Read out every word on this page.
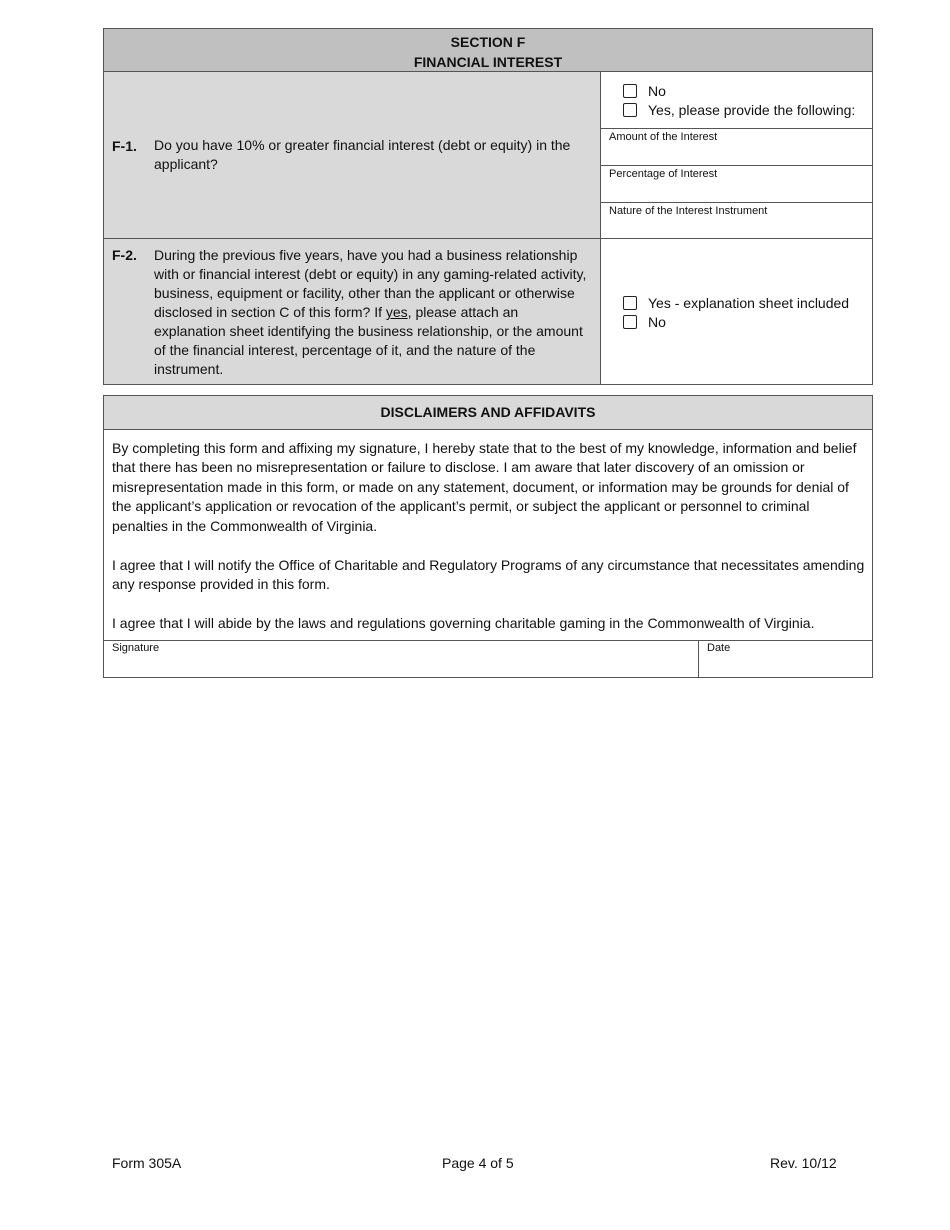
SECTION F
FINANCIAL INTEREST
F-1. Do you have 10% or greater financial interest (debt or equity) in the applicant?
No
Yes, please provide the following:
Amount of the Interest
Percentage of Interest
Nature of the Interest Instrument
F-2. During the previous five years, have you had a business relationship with or financial interest (debt or equity) in any gaming-related activity, business, equipment or facility, other than the applicant or otherwise disclosed in section C of this form? If yes, please attach an explanation sheet identifying the business relationship, or the amount of the financial interest, percentage of it, and the nature of the instrument.
Yes - explanation sheet included
No
DISCLAIMERS AND AFFIDAVITS
By completing this form and affixing my signature, I hereby state that to the best of my knowledge, information and belief that there has been no misrepresentation or failure to disclose. I am aware that later discovery of an omission or misrepresentation made in this form, or made on any statement, document, or information may be grounds for denial of the applicant’s application or revocation of the applicant’s permit, or subject the applicant or personnel to criminal penalties in the Commonwealth of Virginia.
I agree that I will notify the Office of Charitable and Regulatory Programs of any circumstance that necessitates amending any response provided in this form.
I agree that I will abide by the laws and regulations governing charitable gaming in the Commonwealth of Virginia.
Signature	Date
Form 305A	Page 4 of 5	Rev. 10/12
